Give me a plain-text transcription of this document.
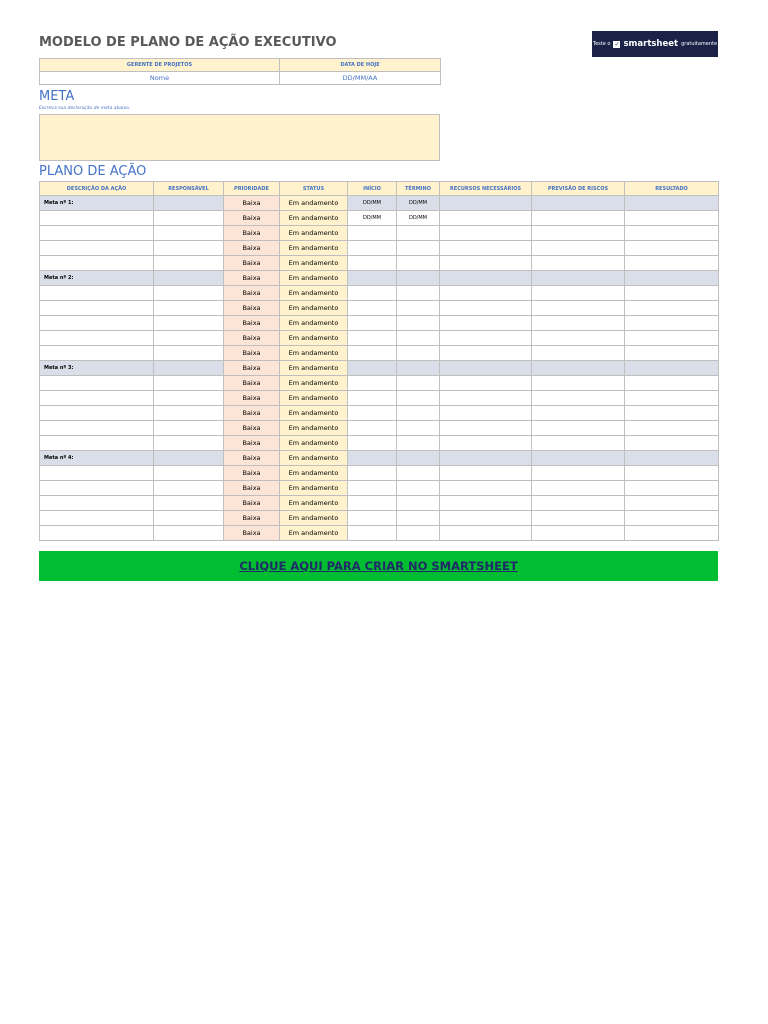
MODELO DE PLANO DE AÇÃO EXECUTIVO	Teste o ✓ smartsheet gratuitamente
GERENTE DE PROJETOS	DATA DE HOJE
Nome	DD/MM/AA
META
Escreva sua declaração de meta abaixo.
PLANO DE AÇÃO
DESCRIÇÃO DA AÇÃO	RESPONSÁVEL	PRIORIDADE	STATUS	INÍCIO	TÉRMINO	RECURSOS NECESSÁRIOS	PREVISÃO DE RISCOS	RESULTADO
Meta nº 1:		Baixa	Em andamento	DD/MM	DD/MM			
		Baixa	Em andamento	DD/MM	DD/MM			
		Baixa	Em andamento					
		Baixa	Em andamento					
		Baixa	Em andamento					
Meta nº 2:		Baixa	Em andamento					
		Baixa	Em andamento					
		Baixa	Em andamento					
		Baixa	Em andamento					
		Baixa	Em andamento					
		Baixa	Em andamento					
Meta nº 3:		Baixa	Em andamento					
		Baixa	Em andamento					
		Baixa	Em andamento					
		Baixa	Em andamento					
		Baixa	Em andamento					
		Baixa	Em andamento					
Meta nº 4:		Baixa	Em andamento					
		Baixa	Em andamento					
		Baixa	Em andamento					
		Baixa	Em andamento					
		Baixa	Em andamento					
		Baixa	Em andamento					
CLIQUE AQUI PARA CRIAR NO SMARTSHEET
